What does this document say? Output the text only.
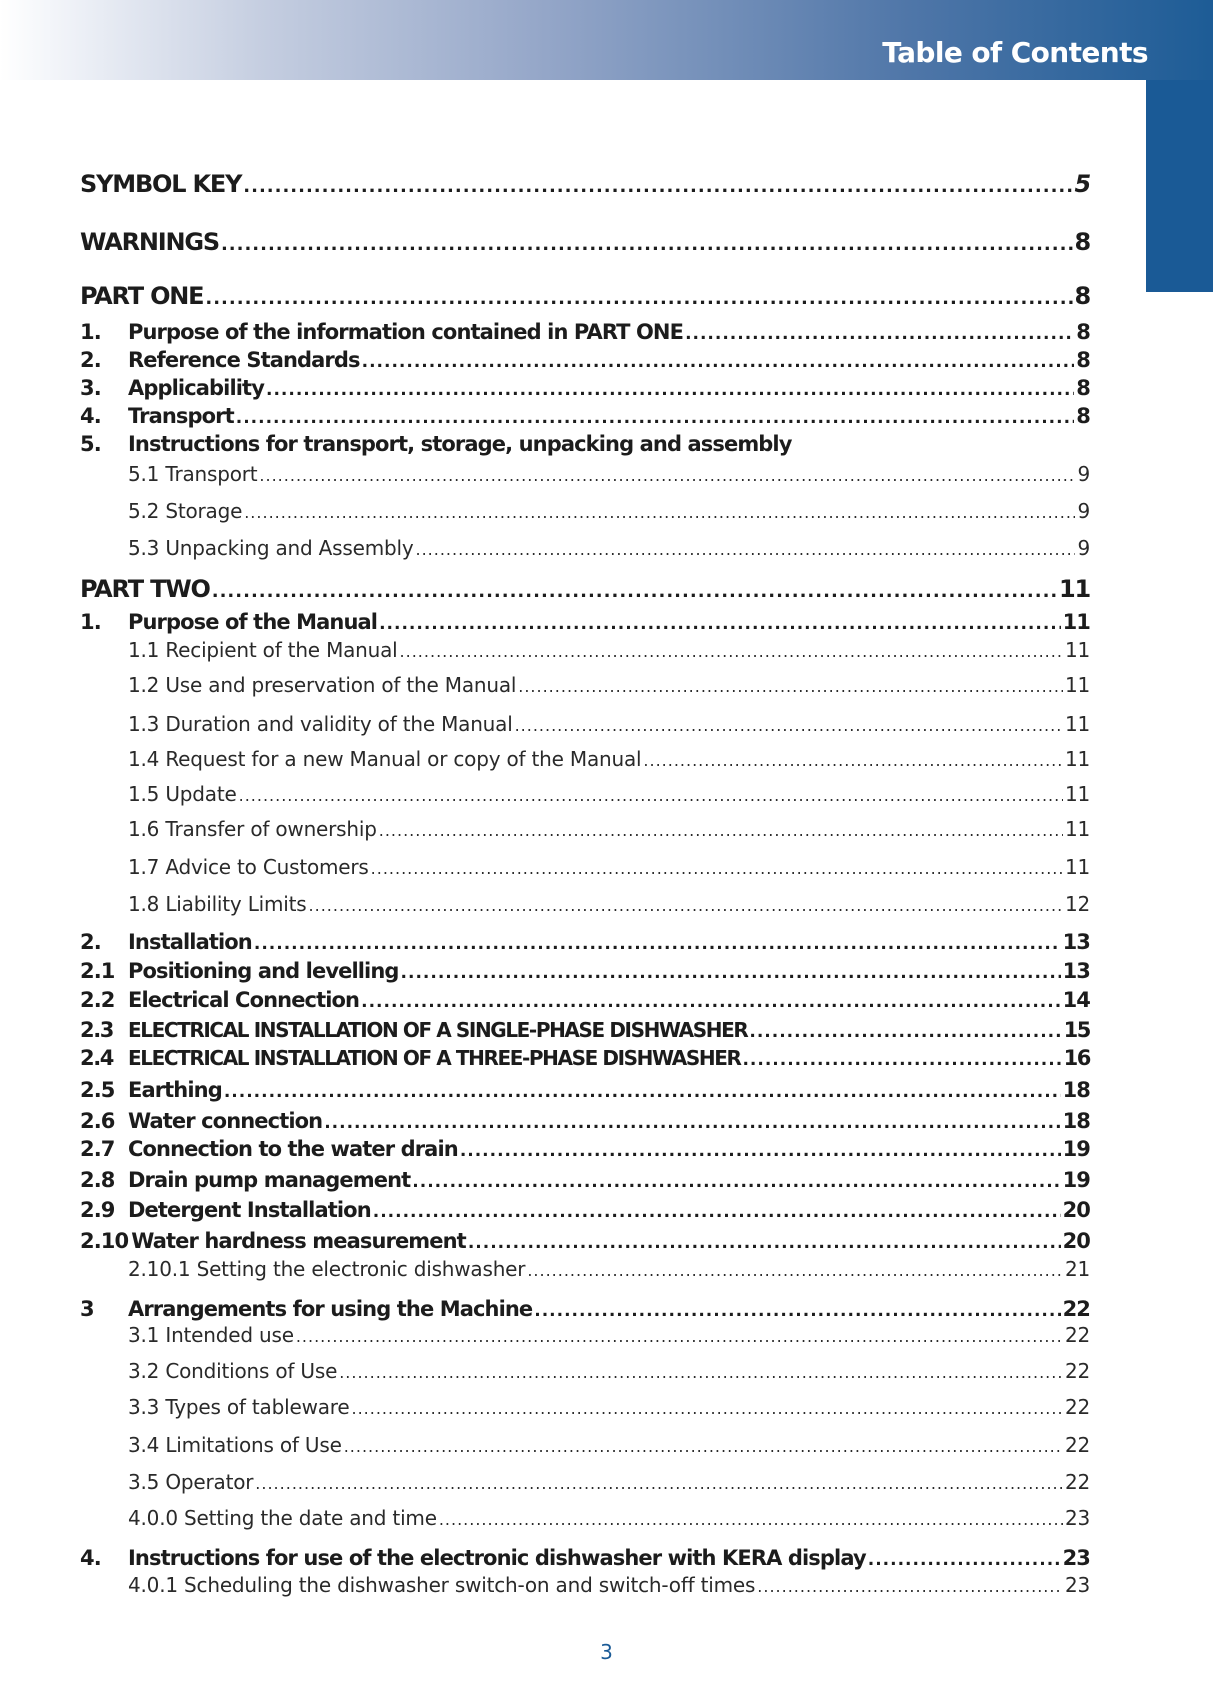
Table of Contents
SYMBOL KEY .....	5
WARNINGS .....	8
PART ONE .....	8
1.	Purpose of the information contained in PART ONE .....	8
2.	Reference Standards .....	8
3.	Applicability .....	8
4.	Transport .....	8
5.	Instructions for transport, storage, unpacking and assembly
5.1 Transport .....	9
5.2 Storage .....	9
5.3 Unpacking and Assembly .....	9
PART TWO .....	11
1.	Purpose of the Manual .....	11
1.1 Recipient of the Manual .....	11
1.2 Use and preservation of the Manual .....	11
1.3 Duration and validity of the Manual .....	11
1.4 Request for a new Manual or copy of the Manual .....	11
1.5 Update .....	11
1.6 Transfer of ownership .....	11
1.7 Advice to Customers .....	11
1.8 Liability Limits .....	12
2.	Installation .....	13
2.1 Positioning and levelling .....	13
2.2 Electrical Connection .....	14
2.3 ELECTRICAL INSTALLATION OF A SINGLE-PHASE DISHWASHER .....	15
2.4 ELECTRICAL INSTALLATION OF A THREE-PHASE DISHWASHER .....	16
2.5 Earthing .....	18
2.6 Water connection .....	18
2.7 Connection to the water drain .....	19
2.8 Drain pump management .....	19
2.9 Detergent Installation .....	20
2.10 Water hardness measurement .....	20
2.10.1 Setting the electronic dishwasher .....	21
3	Arrangements for using the Machine .....	22
3.1 Intended use .....	22
3.2 Conditions of Use .....	22
3.3 Types of tableware .....	22
3.4 Limitations of Use .....	22
3.5 Operator .....	22
4.0.0 Setting the date and time .....	23
4.	Instructions for use of the electronic dishwasher with KERA display .....	23
4.0.1 Scheduling the dishwasher switch-on and switch-off times .....	23
3
